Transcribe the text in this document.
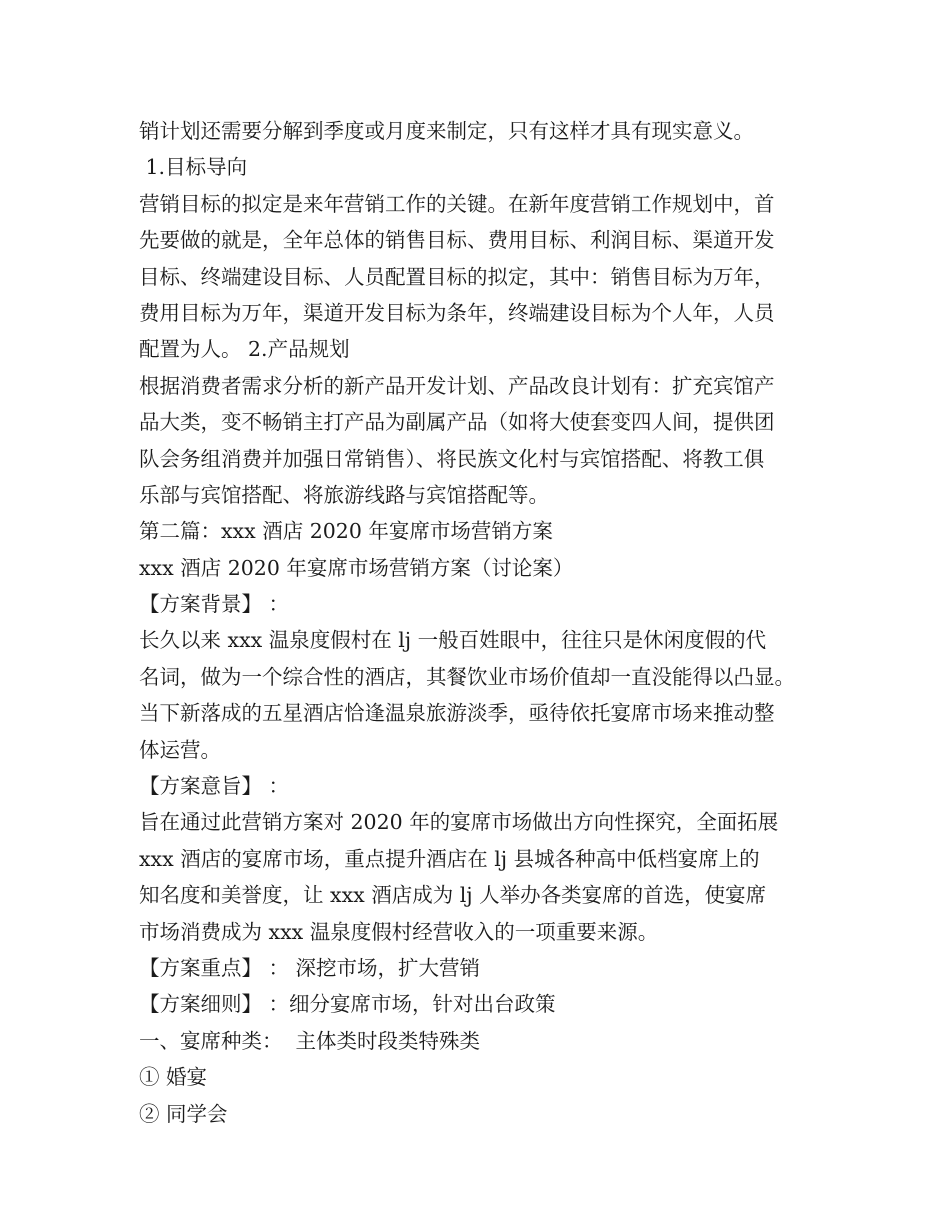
销计划还需要分解到季度或月度来制定，只有这样才具有现实意义。
1.目标导向
营销目标的拟定是来年营销工作的关键。在新年度营销工作规划中，首
先要做的就是，全年总体的销售目标、费用目标、利润目标、渠道开发
目标、终端建设目标、人员配置目标的拟定，其中：销售目标为万年，
费用目标为万年，渠道开发目标为条年，终端建设目标为个人年，人员
配置为人。 2.产品规划
根据消费者需求分析的新产品开发计划、产品改良计划有：扩充宾馆产
品大类，变不畅销主打产品为副属产品（如将大使套变四人间，提供团
队会务组消费并加强日常销售）、将民族文化村与宾馆搭配、将教工俱
乐部与宾馆搭配、将旅游线路与宾馆搭配等。
第二篇：xxx 酒店 2020 年宴席市场营销方案
xxx 酒店 2020 年宴席市场营销方案（讨论案）
【方案背景】 ：
长久以来 xxx 温泉度假村在 lj 一般百姓眼中，往往只是休闲度假的代
名词，做为一个综合性的酒店，其餐饮业市场价值却一直没能得以凸显。
当下新落成的五星酒店恰逢温泉旅游淡季，亟待依托宴席市场来推动整
体运营。
【方案意旨】 ：
旨在通过此营销方案对 2020 年的宴席市场做出方向性探究，全面拓展
xxx 酒店的宴席市场，重点提升酒店在 lj 县城各种高中低档宴席上的
知名度和美誉度，让 xxx 酒店成为 lj 人举办各类宴席的首选，使宴席
市场消费成为 xxx 温泉度假村经营收入的一项重要来源。
【方案重点】 ： 深挖市场，扩大营销
【方案细则】 ：细分宴席市场，针对出台政策
一、宴席种类：  主体类时段类特殊类
① 婚宴
② 同学会
